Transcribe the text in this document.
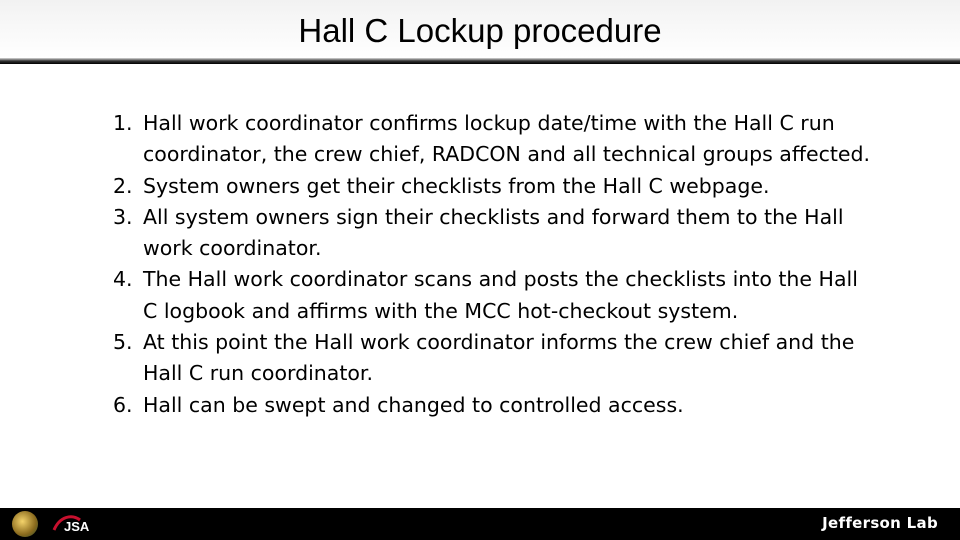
Hall C Lockup procedure
1. Hall work coordinator confirms lockup date/time with the Hall C run coordinator, the crew chief, RADCON and all technical groups affected.
2. System owners get their checklists from the Hall C webpage.
3. All system owners sign their checklists and forward them to the Hall work coordinator.
4. The Hall work coordinator scans and posts the checklists into the Hall C logbook and affirms with the MCC hot-checkout system.
5. At this point the Hall work coordinator informs the crew chief and the Hall C run coordinator.
6. Hall can be swept and changed to controlled access.
JSA	Jefferson Lab
